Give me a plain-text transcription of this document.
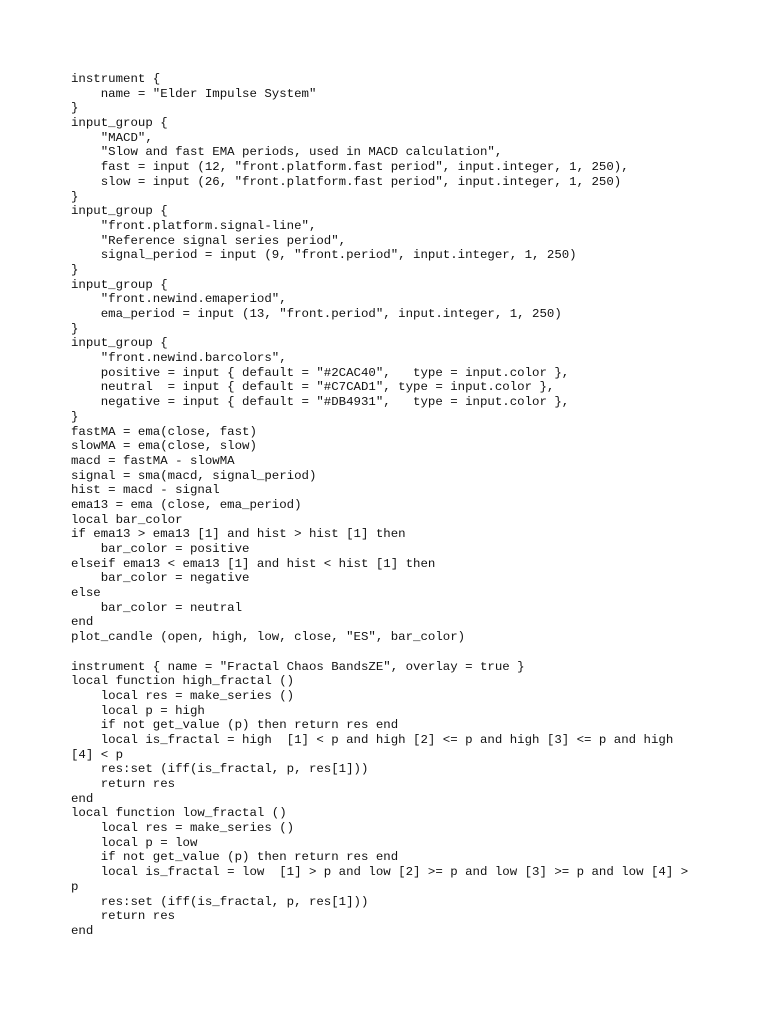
instrument {
name = "Elder Impulse System"
}
input_group {
"MACD",
"Slow and fast EMA periods, used in MACD calculation",
fast = input (12, "front.platform.fast period", input.integer, 1, 250),
slow = input (26, "front.platform.fast period", input.integer, 1, 250)
}
input_group {
"front.platform.signal-line",
"Reference signal series period",
signal_period = input (9, "front.period", input.integer, 1, 250)
}
input_group {
"front.newind.emaperiod",
ema_period = input (13, "front.period", input.integer, 1, 250)
}
input_group {
"front.newind.barcolors",
positive = input { default = "#2CAC40",   type = input.color },
neutral  = input { default = "#C7CAD1", type = input.color },
negative = input { default = "#DB4931",   type = input.color },
}
fastMA = ema(close, fast)
slowMA = ema(close, slow)
macd = fastMA - slowMA
signal = sma(macd, signal_period)
hist = macd - signal
ema13 = ema (close, ema_period)
local bar_color
if ema13 > ema13 [1] and hist > hist [1] then
bar_color = positive
elseif ema13 < ema13 [1] and hist < hist [1] then
bar_color = negative
else
bar_color = neutral
end
plot_candle (open, high, low, close, "ES", bar_color)
instrument { name = "Fractal Chaos BandsZE", overlay = true }
local function high_fractal ()
local res = make_series ()
local p = high
if not get_value (p) then return res end
local is_fractal = high  [1] < p and high [2] <= p and high [3] <= p and high
[4] < p
res:set (iff(is_fractal, p, res[1]))
return res
end
local function low_fractal ()
local res = make_series ()
local p = low
if not get_value (p) then return res end
local is_fractal = low  [1] > p and low [2] >= p and low [3] >= p and low [4] >
p
res:set (iff(is_fractal, p, res[1]))
return res
end
